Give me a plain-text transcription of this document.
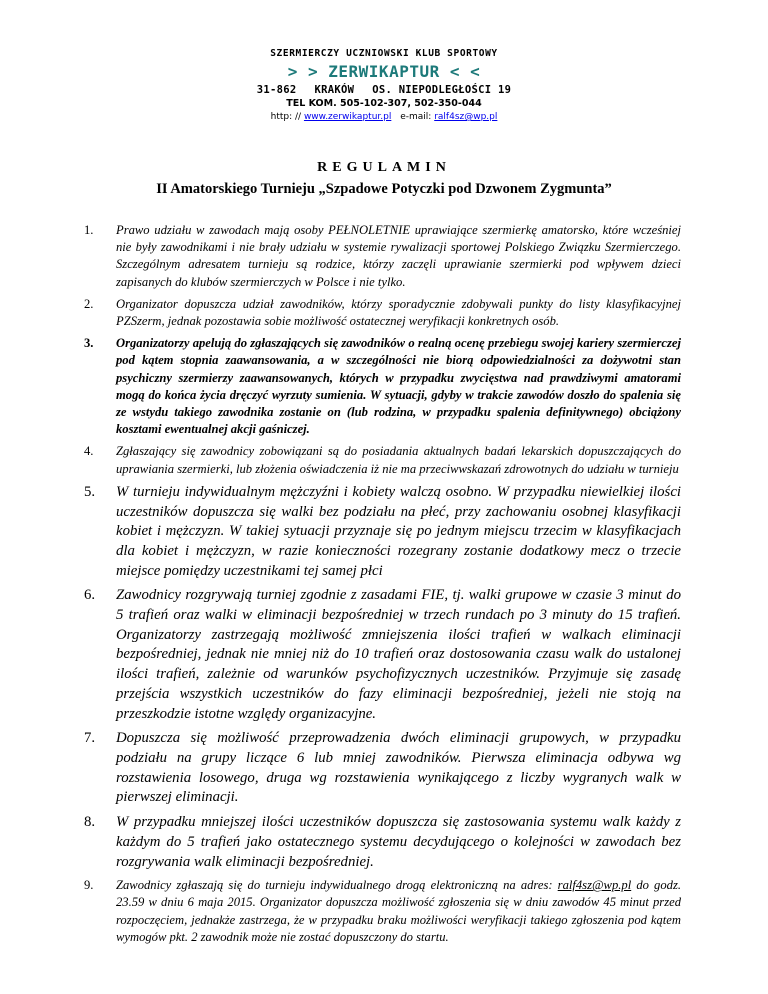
SZERMIERCZY UCZNIOWSKI KLUB SPORTOWY
> > ZERWIKAPTUR < <
31-862 KRAKÓW OS. NIEPODLEGŁOŚCI 19
TEL KOM. 505-102-307, 502-350-044
http: // www.zerwikaptur.pl e-mail: ralf4sz@wp.pl
REGULAMIN
II Amatorskiego Turnieju „Szpadowe Potyczki pod Dzwonem Zygmunta”
1. Prawo udziału w zawodach mają osoby PEŁNOLETNIE uprawiające szermierkę amatorsko, które wcześniej nie były zawodnikami i nie brały udziału w systemie rywalizacji sportowej Polskiego Związku Szermierczego. Szczególnym adresatem turnieju są rodzice, którzy zaczęli uprawianie szermierki pod wpływem dzieci zapisanych do klubów szermierczych w Polsce i nie tylko.
2. Organizator dopuszcza udział zawodników, którzy sporadycznie zdobywali punkty do listy klasyfikacyjnej PZSzerm, jednak pozostawia sobie możliwość ostatecznej weryfikacji konkretnych osób.
3. Organizatorzy apelują do zgłaszających się zawodników o realną ocenę przebiegu swojej kariery szermierczej pod kątem stopnia zaawansowania, a w szczególności nie biorą odpowiedzialności za dożywotni stan psychiczny szermierzy zaawansowanych, których w przypadku zwycięstwa nad prawdziwymi amatorami mogą do końca życia dręczyć wyrzuty sumienia. W sytuacji, gdyby w trakcie zawodów doszło do spalenia się ze wstydu takiego zawodnika zostanie on (lub rodzina, w przypadku spalenia definitywnego) obciążony kosztami ewentualnej akcji gaśniczej.
4. Zgłaszający się zawodnicy zobowiązani są do posiadania aktualnych badań lekarskich dopuszczających do uprawiania szermierki, lub złożenia oświadczenia iż nie ma przeciwwskazań zdrowotnych do udziału w turnieju
5. W turnieju indywidualnym mężczyźni i kobiety walczą osobno. W przypadku niewielkiej ilości uczestników dopuszcza się walki bez podziału na płeć, przy zachowaniu osobnej klasyfikacji kobiet i mężczyzn. W takiej sytuacji przyznaje się po jednym miejscu trzecim w klasyfikacjach dla kobiet i mężczyzn, w razie konieczności rozegrany zostanie dodatkowy mecz o trzecie miejsce pomiędzy uczestnikami tej samej płci
6. Zawodnicy rozgrywają turniej zgodnie z zasadami FIE, tj. walki grupowe w czasie 3 minut do 5 trafień oraz walki w eliminacji bezpośredniej w trzech rundach po 3 minuty do 15 trafień. Organizatorzy zastrzegają możliwość zmniejszenia ilości trafień w walkach eliminacji bezpośredniej, jednak nie mniej niż do 10 trafień oraz dostosowania czasu walk do ustalonej ilości trafień, zależnie od warunków psychofizycznych uczestników. Przyjmuje się zasadę przejścia wszystkich uczestników do fazy eliminacji bezpośredniej, jeżeli nie stoją na przeszkodzie istotne względy organizacyjne.
7. Dopuszcza się możliwość przeprowadzenia dwóch eliminacji grupowych, w przypadku podziału na grupy liczące 6 lub mniej zawodników. Pierwsza eliminacja odbywa wg rozstawienia losowego, druga wg rozstawienia wynikającego z liczby wygranych walk w pierwszej eliminacji.
8. W przypadku mniejszej ilości uczestników dopuszcza się zastosowania systemu walk każdy z każdym do 5 trafień jako ostatecznego systemu decydującego o kolejności w zawodach bez rozgrywania walk eliminacji bezpośredniej.
9. Zawodnicy zgłaszają się do turnieju indywidualnego drogą elektroniczną na adres: ralf4sz@wp.pl do godz. 23.59 w dniu 6 maja 2015. Organizator dopuszcza możliwość zgłoszenia się w dniu zawodów 45 minut przed rozpoczęciem, jednakże zastrzega, że w przypadku braku możliwości weryfikacji takiego zgłoszenia pod kątem wymogów pkt. 2 zawodnik może nie zostać dopuszczony do startu.
